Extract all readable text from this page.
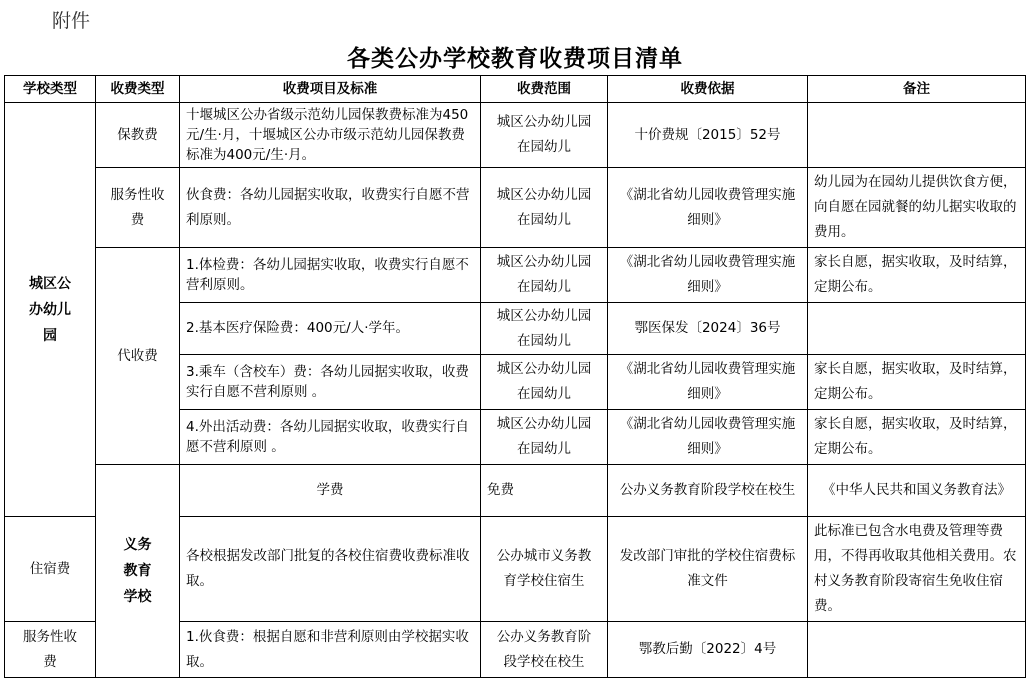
附件
各类公办学校教育收费项目清单
学校类型	收费类型	收费项目及标准	收费范围	收费依据	备注	
城区公办幼儿园	保教费	十堰城区公办省级示范幼儿园保教费标准为450元/生·月，十堰城区公办市级示范幼儿园保教费标准为400元/生·月。	城区公办幼儿园在园幼儿	十价费规〔2015〕52号		
	服务性收费	伙食费：各幼儿园据实收取，收费实行自愿不营利原则。	城区公办幼儿园在园幼儿	《湖北省幼儿园收费管理实施细则》	幼儿园为在园幼儿提供饮食方便，向自愿在园就餐的幼儿据实收取的费用。	
	代收费	1.体检费：各幼儿园据实收取，收费实行自愿不营利原则。	城区公办幼儿园在园幼儿	《湖北省幼儿园收费管理实施细则》	家长自愿，据实收取，及时结算，定期公布。	
		2.基本医疗保险费：400元/人·学年。	城区公办幼儿园在园幼儿	鄂医保发〔2024〕36号		
		3.乘车（含校车）费：各幼儿园据实收取，收费实行自愿不营利原则 。	城区公办幼儿园在园幼儿	《湖北省幼儿园收费管理实施细则》	家长自愿，据实收取，及时结算，定期公布。	
		4.外出活动费：各幼儿园据实收取，收费实行自愿不营利原则 。	城区公办幼儿园在园幼儿	《湖北省幼儿园收费管理实施细则》	家长自愿，据实收取，及时结算，定期公布。	
	义务教育学校	学费	免费	公办义务教育阶段学校在校生	《中华人民共和国义务教育法》	
住宿费		各校根据发改部门批复的各校住宿费收费标准收取。	公办城市义务教育学校住宿生	发改部门审批的学校住宿费标准文件	此标准已包含水电费及管理等费用，不得再收取其他相关费用。农村义务教育阶段寄宿生免收住宿费。	
服务性收费		1.伙食费：根据自愿和非营利原则由学校据实收取。	公办义务教育阶段学校在校生	鄂教后勤〔2022〕4号		
